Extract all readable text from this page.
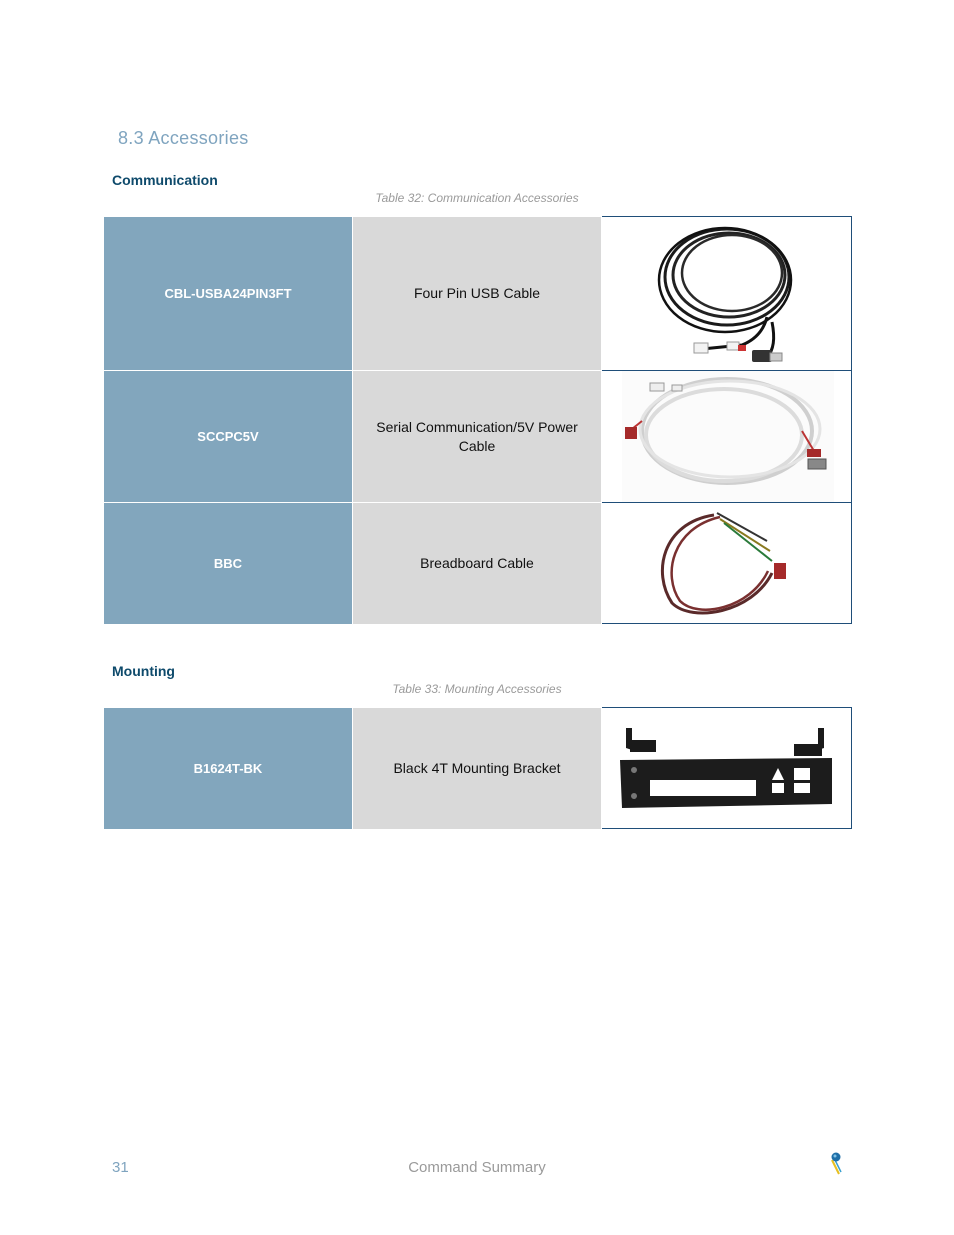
8.3 Accessories
Communication
Table 32: Communication Accessories
CBL-USBA24PIN3FT	Four Pin USB Cable

SCCPC5V	Serial Communication/5V Power Cable

BBC	Breadboard Cable

Mounting
Table 33: Mounting Accessories
B1624T-BK	Black 4T Mounting Bracket

31	Command Summary
